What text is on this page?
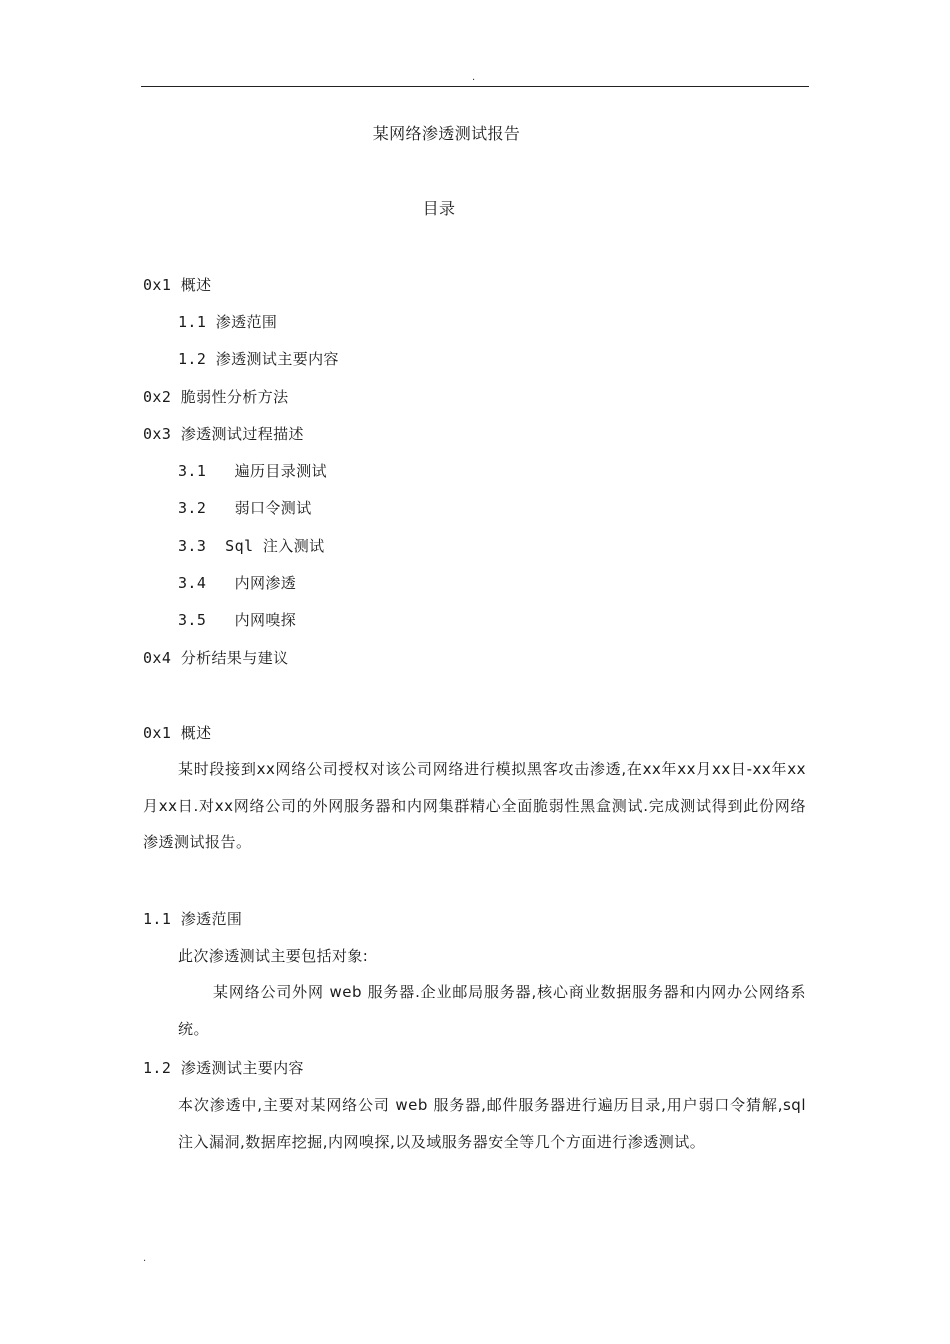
.
某网络渗透测试报告
目录
0x1 概述
1.1 渗透范围
1.2 渗透测试主要内容
0x2 脆弱性分析方法
0x3 渗透测试过程描述
3.1 遍历目录测试
3.2 弱口令测试
3.3 Sql 注入测试
3.4 内网渗透
3.5 内网嗅探
0x4 分析结果与建议
0x1 概述

某时段接到xx网络公司授权对该公司网络进行模拟黑客攻击渗透,在xx年xx月xx日-xx年xx月xx日.对xx网络公司的外网服务器和内网集群精心全面脆弱性黑盒测试.完成测试得到此份网络渗透测试报告。

1.1 渗透范围
此次渗透测试主要包括对象:

某网络公司外网 web 服务器.企业邮局服务器,核心商业数据服务器和内网办公网络系统。

1.2 渗透测试主要内容

本次渗透中,主要对某网络公司 web 服务器,邮件服务器进行遍历目录,用户弱口令猜解,sql 注入漏洞,数据库挖掘,内网嗅探,以及域服务器安全等几个方面进行渗透测试。

.
